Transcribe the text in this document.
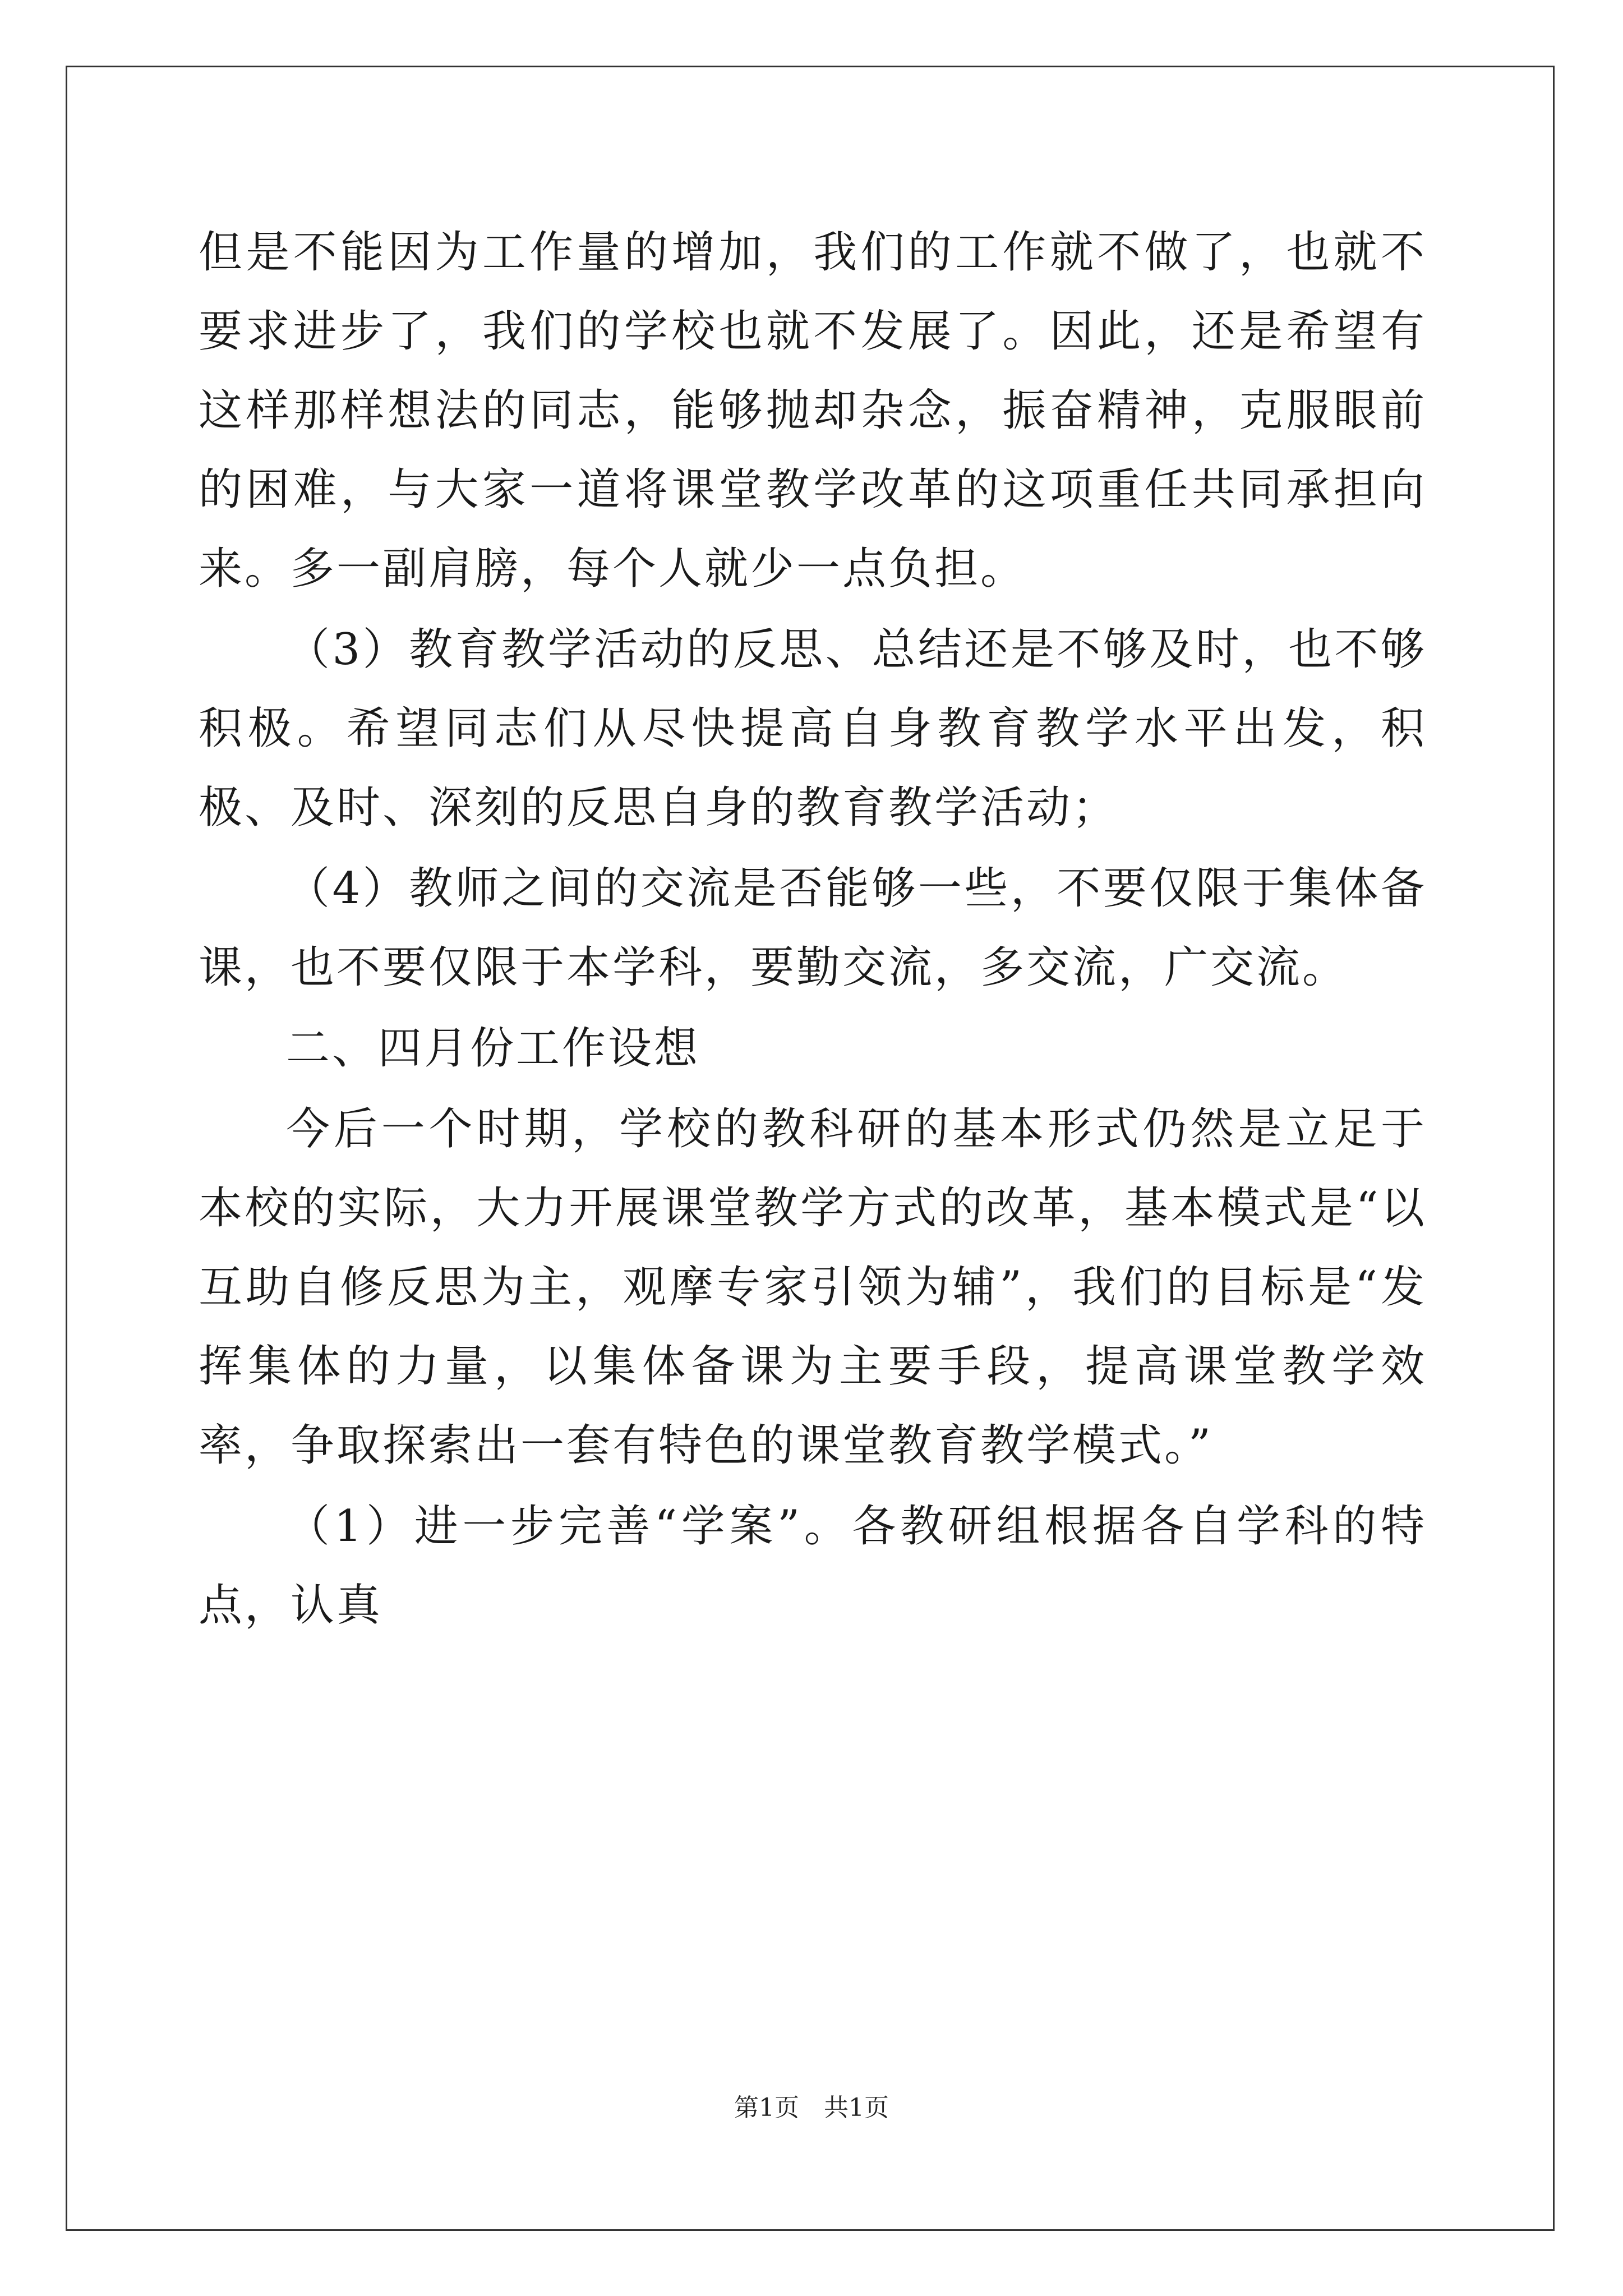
但是不能因为工作量的增加，我们的工作就不做了，也就不要求进步了，我们的学校也就不发展了。因此，还是希望有这样那样想法的同志，能够抛却杂念，振奋精神，克服眼前的困难，与大家一道将课堂教学改革的这项重任共同承担向来。多一副肩膀，每个人就少一点负担。

（3）教育教学活动的反思、总结还是不够及时，也不够积极。希望同志们从尽快提高自身教育教学水平出发，积极、及时、深刻的反思自身的教育教学活动；

（4）教师之间的交流是否能够一些，不要仅限于集体备课，也不要仅限于本学科，要勤交流，多交流，广交流。

二、四月份工作设想

今后一个时期，学校的教科研的基本形式仍然是立足于本校的实际，大力开展课堂教学方式的改革，基本模式是“以互助自修反思为主，观摩专家引领为辅”，我们的目标是“发挥集体的力量，以集体备课为主要手段，提高课堂教学效率，争取探索出一套有特色的课堂教育教学模式。”

（1）进一步完善“学案”。各教研组根据各自学科的特点，认真

第1页 共1页
